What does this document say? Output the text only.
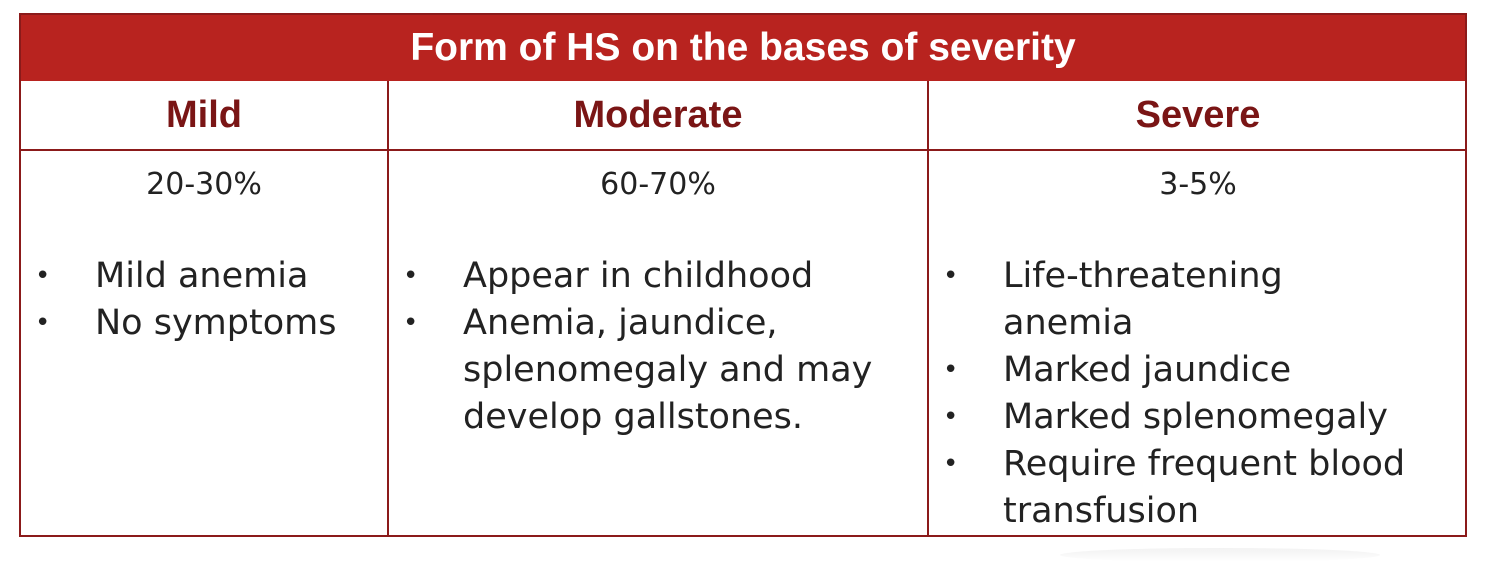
Form of HS on the bases of severity
Mild	Moderate	Severe
20-30%
• Mild anemia
• No symptoms
60-70%
• Appear in childhood
• Anemia, jaundice,
splenomegaly and may
develop gallstones.
3-5%
• Life-threatening
anemia
• Marked jaundice
• Marked splenomegaly
• Require frequent blood
transfusion
